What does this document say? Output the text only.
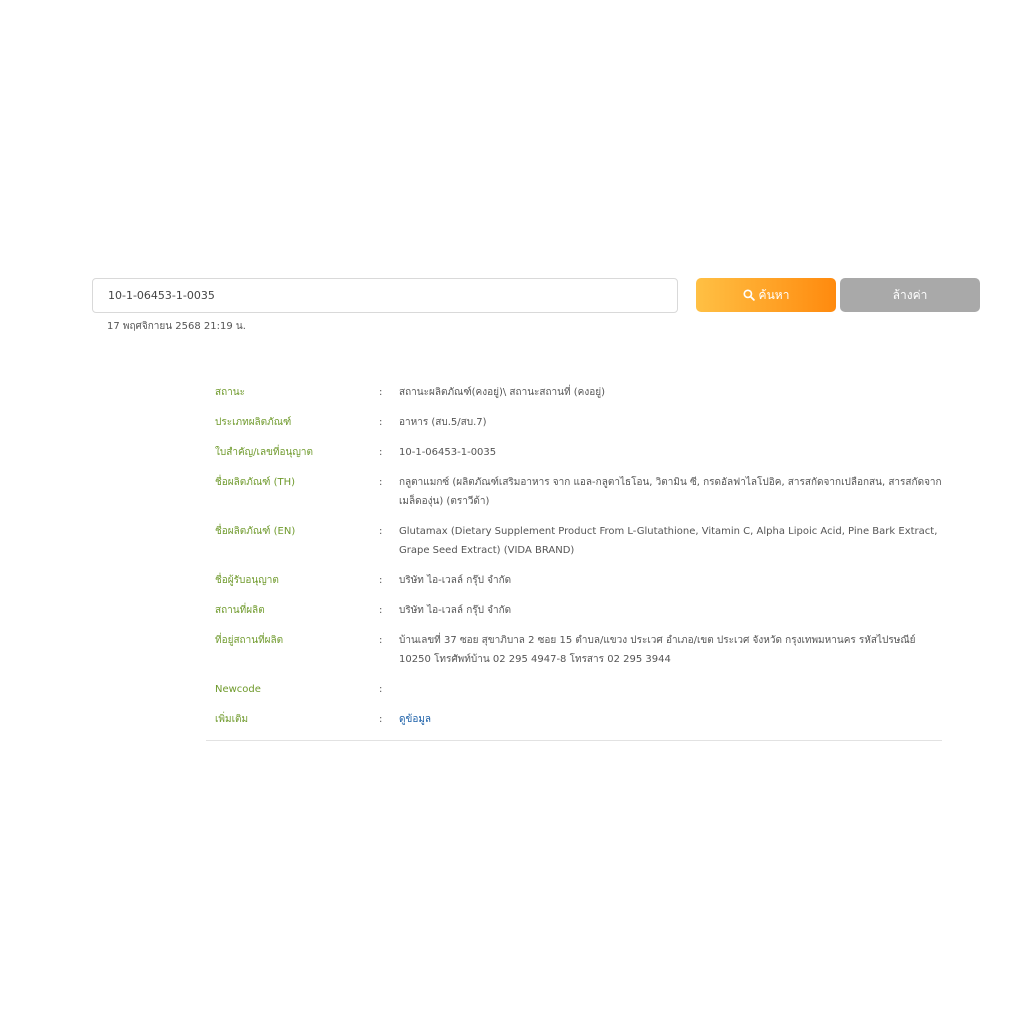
10-1-06453-1-0035
ค้นหา	ล้างค่า
17 พฤศจิกายน 2568 21:19 น.
สถานะ	:	สถานะผลิตภัณฑ์(คงอยู่)\ สถานะสถานที่ (คงอยู่)
ประเภทผลิตภัณฑ์	:	อาหาร (สบ.5/สบ.7)
ใบสำคัญ/เลขที่อนุญาต	:	10-1-06453-1-0035
ชื่อผลิตภัณฑ์ (TH)	:	กลูตาแมกซ์ (ผลิตภัณฑ์เสริมอาหาร จาก แอล-กลูตาไธโอน, วิตามิน ซี, กรดอัลฟาไลโปอิค, สารสกัดจากเปลือกสน, สารสกัดจากเมล็ดองุ่น) (ตราวีด้า)
ชื่อผลิตภัณฑ์ (EN)	:	Glutamax (Dietary Supplement Product From L-Glutathione, Vitamin C, Alpha Lipoic Acid, Pine Bark Extract, Grape Seed Extract) (VIDA BRAND)
ชื่อผู้รับอนุญาต	:	บริษัท ไอ-เวลล์ กรุ๊ป จำกัด
สถานที่ผลิต	:	บริษัท ไอ-เวลล์ กรุ๊ป จำกัด
ที่อยู่สถานที่ผลิต	:	บ้านเลขที่ 37 ซอย สุขาภิบาล 2 ซอย 15 ตำบล/แขวง ประเวศ อำเภอ/เขต ประเวศ จังหวัด กรุงเทพมหานคร รหัสไปรษณีย์ 10250 โทรศัพท์บ้าน 02 295 4947-8 โทรสาร 02 295 3944
Newcode	:
เพิ่มเติม	:	ดูข้อมูล
